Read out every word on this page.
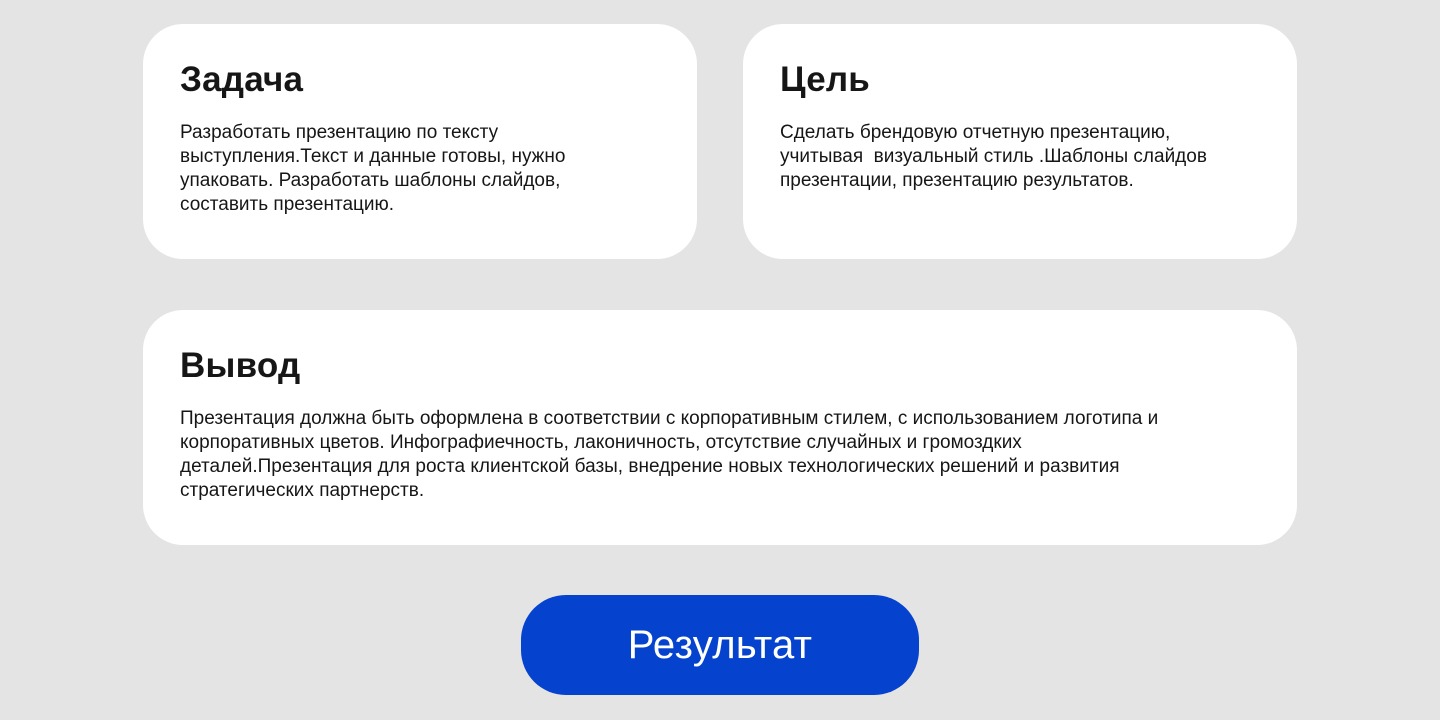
Задача

Разработать презентацию по тексту выступления.Текст и данные готовы, нужно упаковать. Разработать шаблоны слайдов, составить презентацию.

Цель

Сделать брендовую отчетную презентацию, учитывая  визуальный стиль .Шаблоны слайдов презентации, презентацию результатов.

Вывод

Презентация должна быть оформлена в соответствии с корпоративным стилем, с использованием логотипа и корпоративных цветов. Инфографиечность, лаконичность, отсутствие случайных и громоздких деталей.Презентация для роста клиентской базы, внедрение новых технологических решений и развития стратегических партнерств.

Результат
